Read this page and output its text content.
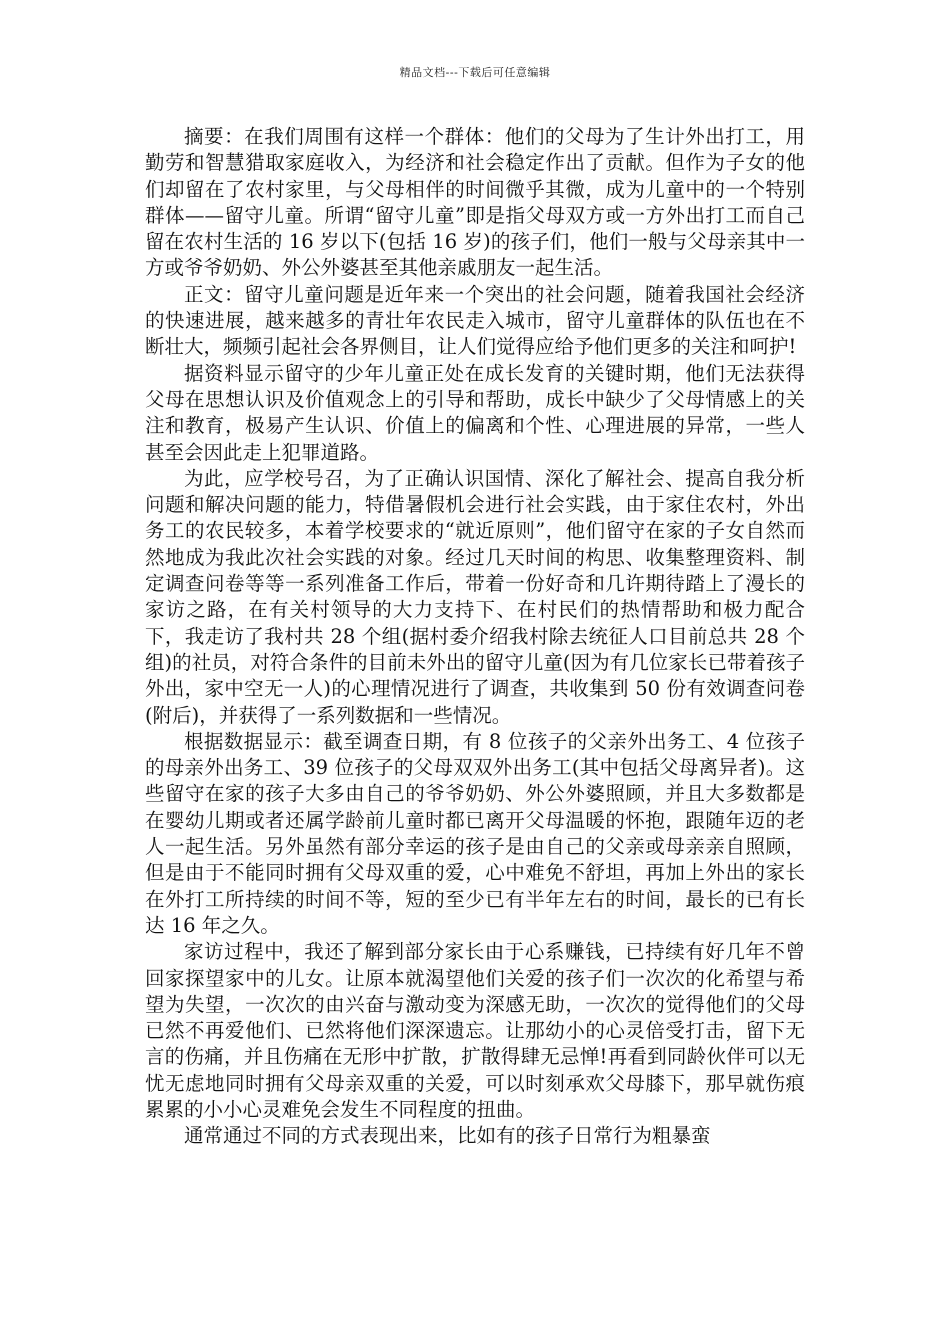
精品文档---下载后可任意编辑

摘要：在我们周围有这样一个群体：他们的父母为了生计外出打工，用勤劳和智慧猎取家庭收入，为经济和社会稳定作出了贡献。但作为子女的他们却留在了农村家里，与父母相伴的时间微乎其微，成为儿童中的一个特别群体——留守儿童。所谓“留守儿童”即是指父母双方或一方外出打工而自己留在农村生活的 16 岁以下(包括 16 岁)的孩子们，他们一般与父母亲其中一方或爷爷奶奶、外公外婆甚至其他亲戚朋友一起生活。

正文：留守儿童问题是近年来一个突出的社会问题，随着我国社会经济的快速进展，越来越多的青壮年农民走入城市，留守儿童群体的队伍也在不断壮大，频频引起社会各界侧目，让人们觉得应给予他们更多的关注和呵护!

据资料显示留守的少年儿童正处在成长发育的关键时期，他们无法获得父母在思想认识及价值观念上的引导和帮助，成长中缺少了父母情感上的关注和教育，极易产生认识、价值上的偏离和个性、心理进展的异常，一些人甚至会因此走上犯罪道路。

为此，应学校号召，为了正确认识国情、深化了解社会、提高自我分析问题和解决问题的能力，特借暑假机会进行社会实践，由于家住农村，外出务工的农民较多，本着学校要求的“就近原则”，他们留守在家的子女自然而然地成为我此次社会实践的对象。经过几天时间的构思、收集整理资料、制定调查问卷等等一系列准备工作后，带着一份好奇和几许期待踏上了漫长的家访之路，在有关村领导的大力支持下、在村民们的热情帮助和极力配合下，我走访了我村共 28 个组(据村委介绍我村除去统征人口目前总共 28 个组)的社员，对符合条件的目前未外出的留守儿童(因为有几位家长已带着孩子外出，家中空无一人)的心理情况进行了调查，共收集到 50 份有效调查问卷(附后)，并获得了一系列数据和一些情况。

根据数据显示：截至调查日期，有 8 位孩子的父亲外出务工、4 位孩子的母亲外出务工、39 位孩子的父母双双外出务工(其中包括父母离异者)。这些留守在家的孩子大多由自己的爷爷奶奶、外公外婆照顾，并且大多数都是在婴幼儿期或者还属学龄前儿童时都已离开父母温暖的怀抱，跟随年迈的老人一起生活。另外虽然有部分幸运的孩子是由自己的父亲或母亲亲自照顾，但是由于不能同时拥有父母双重的爱，心中难免不舒坦，再加上外出的家长在外打工所持续的时间不等，短的至少已有半年左右的时间，最长的已有长达 16 年之久。

家访过程中，我还了解到部分家长由于心系赚钱，已持续有好几年不曾回家探望家中的儿女。让原本就渴望他们关爱的孩子们一次次的化希望与希望为失望，一次次的由兴奋与激动变为深感无助，一次次的觉得他们的父母已然不再爱他们、已然将他们深深遗忘。让那幼小的心灵倍受打击，留下无言的伤痛，并且伤痛在无形中扩散，扩散得肆无忌惮!再看到同龄伙伴可以无忧无虑地同时拥有父母亲双重的关爱，可以时刻承欢父母膝下，那早就伤痕累累的小小心灵难免会发生不同程度的扭曲。

通常通过不同的方式表现出来，比如有的孩子日常行为粗暴蛮
